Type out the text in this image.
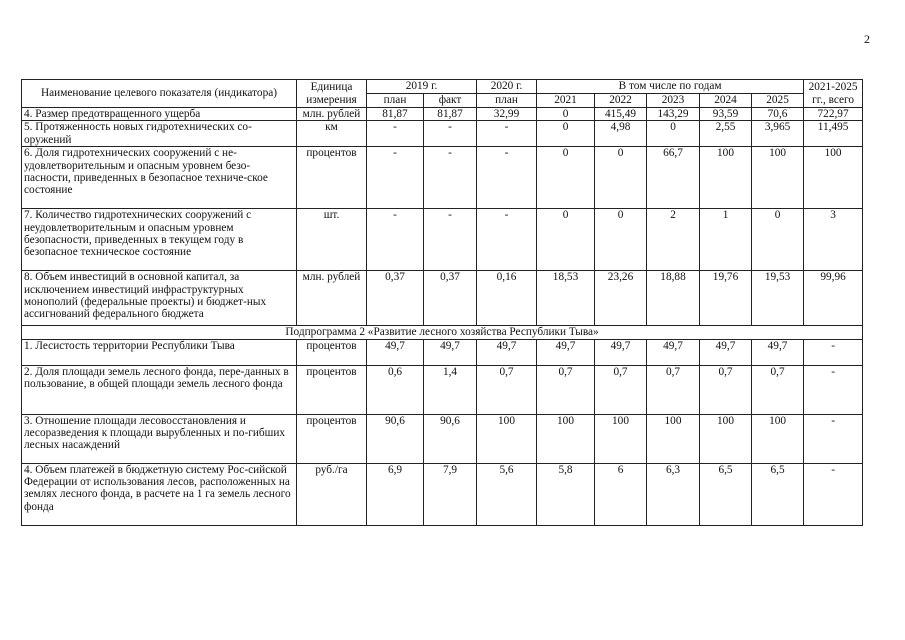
2
Наименование целевого показателя (индикатора)	Единица измерения	2019 г.		2020 г.	В том числе по годам					2021-2025 гг., всего
		план	факт	план	2021	2022	2023	2024	2025	
4. Размер предотвращенного ущерба	млн. рублей	81,87	81,87	32,99	0	415,49	143,29	93,59	70,6	722,97
5. Протяженность новых гидротехнических со-оружений	км	-	-	-	0	4,98	0	2,55	3,965	11,495
6. Доля гидротехнических сооружений с не-удовлетворительным и опасным уровнем безо-пасности, приведенных в безопасное техниче-ское состояние	процентов	-	-	-	0	0	66,7	100	100	100
7. Количество гидротехнических сооружений с неудовлетворительным и опасным уровнем безопасности, приведенных в текущем году в безопасное техническое состояние	шт.	-	-	-	0	0	2	1	0	3
8. Объем инвестиций в основной капитал, за исключением инвестиций инфраструктурных монополий (федеральные проекты) и бюджет-ных ассигнований федерального бюджета	млн. рублей	0,37	0,37	0,16	18,53	23,26	18,88	19,76	19,53	99,96
Подпрограмма 2 «Развитие лесного хозяйства Республики Тыва»										
1. Лесистость территории Республики Тыва	процентов	49,7	49,7	49,7	49,7	49,7	49,7	49,7	49,7	-
2. Доля площади земель лесного фонда, пере-данных в пользование, в общей площади земель лесного фонда	процентов	0,6	1,4	0,7	0,7	0,7	0,7	0,7	0,7	-
3. Отношение площади лесовосстановления и лесоразведения к площади вырубленных и по-гибших лесных насаждений	процентов	90,6	90,6	100	100	100	100	100	100	-
4. Объем платежей в бюджетную систему Рос-сийской Федерации от использования лесов, расположенных на землях лесного фонда, в расчете на 1 га земель лесного фонда	руб./га	6,9	7,9	5,6	5,8	6	6,3	6,5	6,5	-
